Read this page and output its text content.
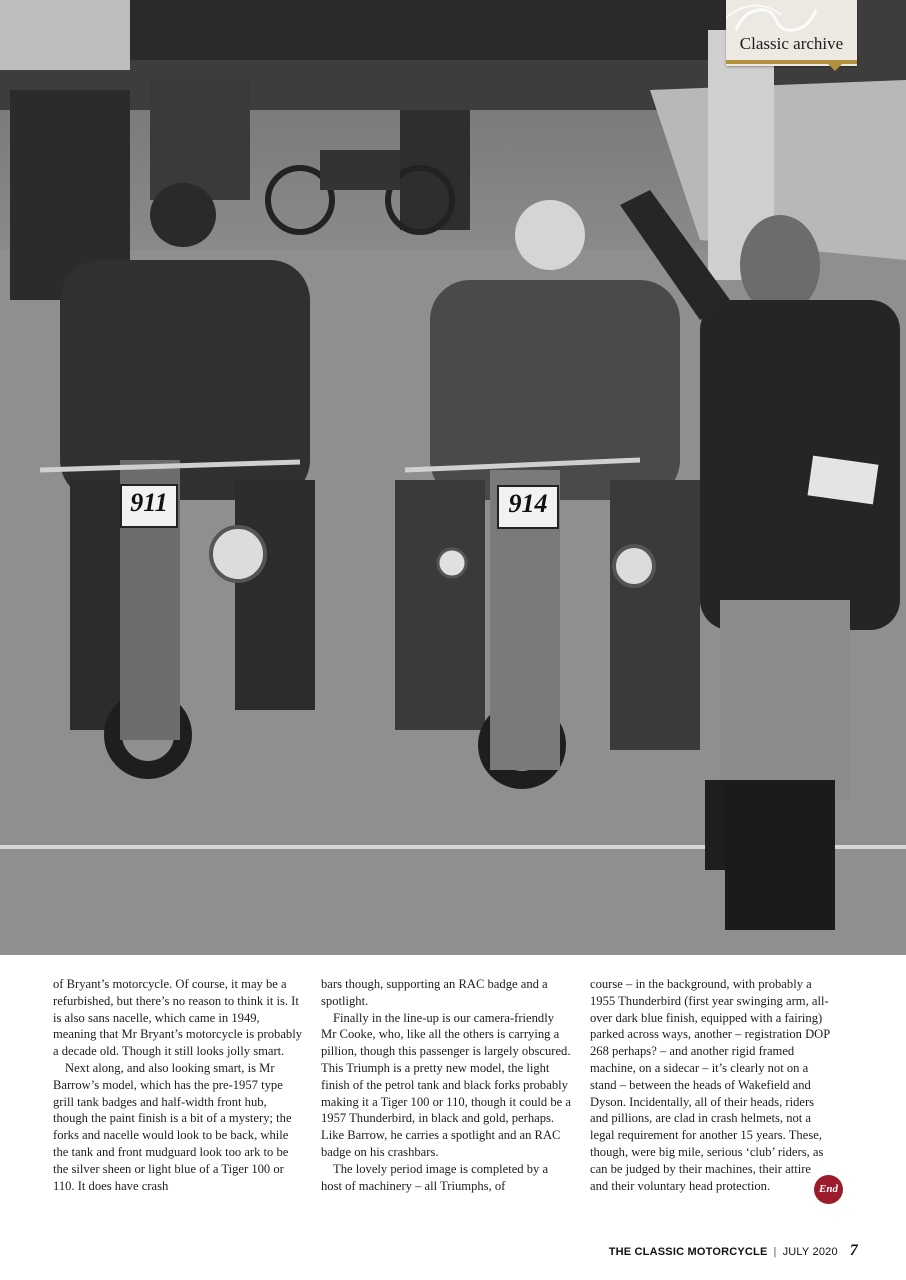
911	914
Classic archive

of Bryant’s motorcycle. Of course, it may be a refurbished, but there’s no reason to think it is. It is also sans nacelle, which came in 1949, meaning that Mr Bryant’s motorcycle is probably a decade old. Though it still looks jolly smart.

Next along, and also looking smart, is Mr Barrow’s model, which has the pre-1957 type grill tank badges and half-width front hub, though the paint finish is a bit of a mystery; the forks and nacelle would look to be back, while the tank and front mudguard look too ark to be the silver sheen or light blue of a Tiger 100 or 110. It does have crash

bars though, supporting an RAC badge and a spotlight.

Finally in the line-up is our camera-friendly Mr Cooke, who, like all the others is carrying a pillion, though this passenger is largely obscured. This Triumph is a pretty new model, the light finish of the petrol tank and black forks probably making it a Tiger 100 or 110, though it could be a 1957 Thunderbird, in black and gold, perhaps. Like Barrow, he carries a spotlight and an RAC badge on his crashbars.

The lovely period image is completed by a host of machinery – all Triumphs, of

course – in the background, with probably a 1955 Thunderbird (first year swinging arm, all-over dark blue finish, equipped with a fairing) parked across ways, another – registration DOP 268 perhaps? – and another rigid framed machine, on a sidecar – it’s clearly not on a stand – between the heads of Wakefield and Dyson. Incidentally, all of their heads, riders and pillions, are clad in crash helmets, not a legal requirement for another 15 years. These, though, were big mile, serious ‘club’ riders, as can be judged by their machines, their attire and their voluntary head protection.	End
THE CLASSIC MOTORCYCLE | JULY 2020 7
